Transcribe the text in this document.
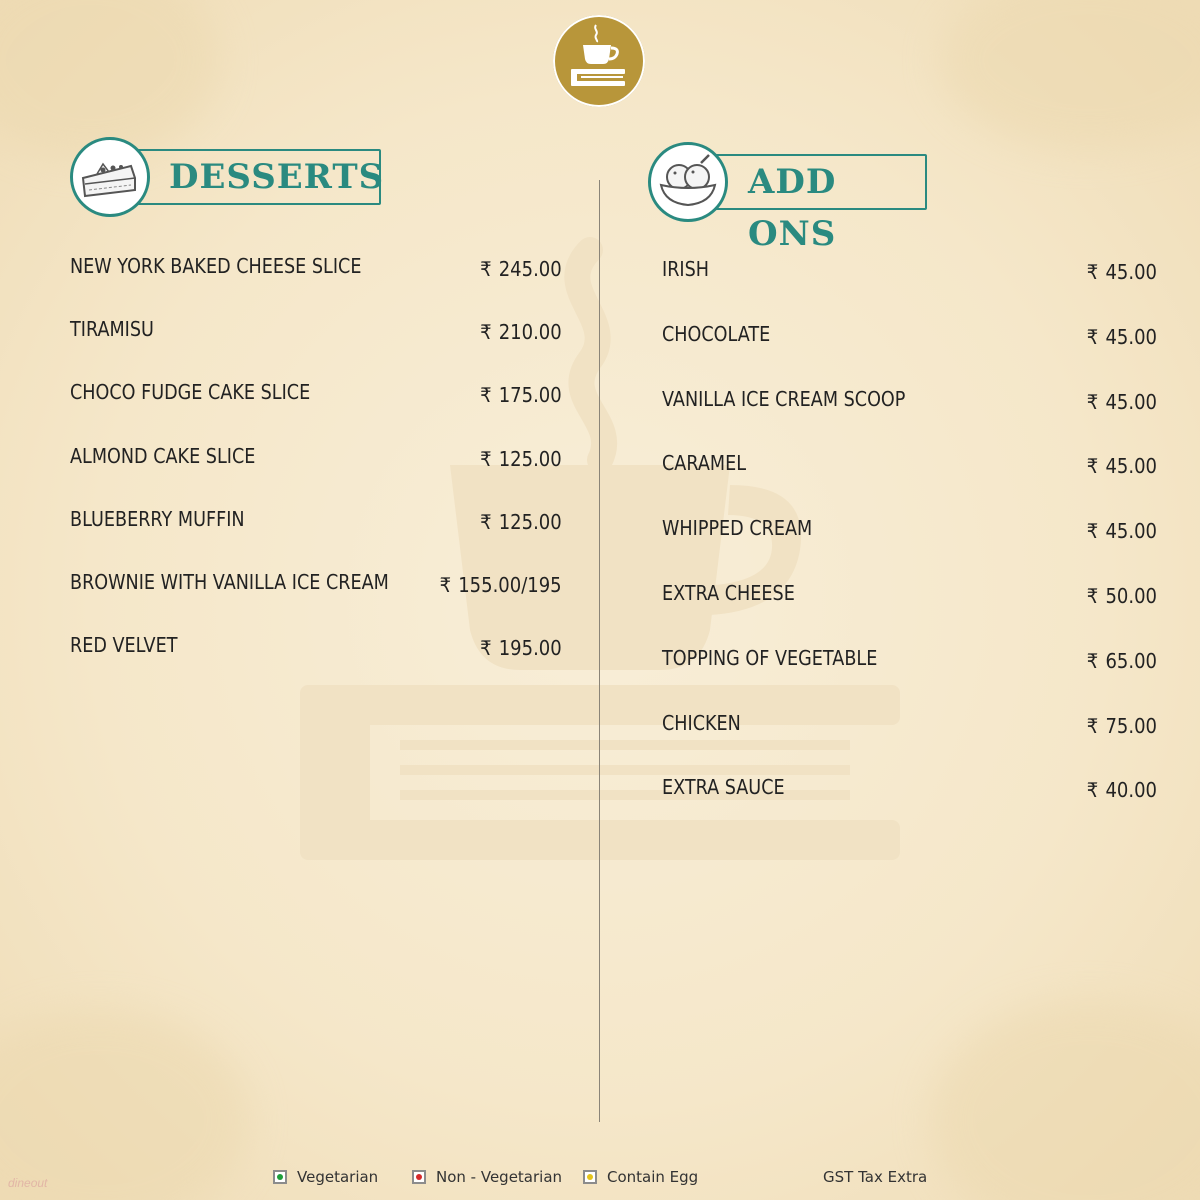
DESSERTS	ADD ONS
NEW YORK BAKED CHEESE SLICE	₹ 245.00
TIRAMISU	₹ 210.00
CHOCO FUDGE CAKE SLICE	₹ 175.00
ALMOND CAKE SLICE	₹ 125.00
BLUEBERRY MUFFIN	₹ 125.00
BROWNIE WITH VANILLA ICE CREAM	₹ 155.00/195
RED VELVET	₹ 195.00
IRISH	₹ 45.00
CHOCOLATE	₹ 45.00
VANILLA ICE CREAM SCOOP	₹ 45.00
CARAMEL	₹ 45.00
WHIPPED CREAM	₹ 45.00
EXTRA CHEESE	₹ 50.00
TOPPING OF VEGETABLE	₹ 65.00
CHICKEN	₹ 75.00
EXTRA SAUCE	₹ 40.00
Vegetarian	Non - Vegetarian	Contain Egg	GST Tax Extra
dineout
